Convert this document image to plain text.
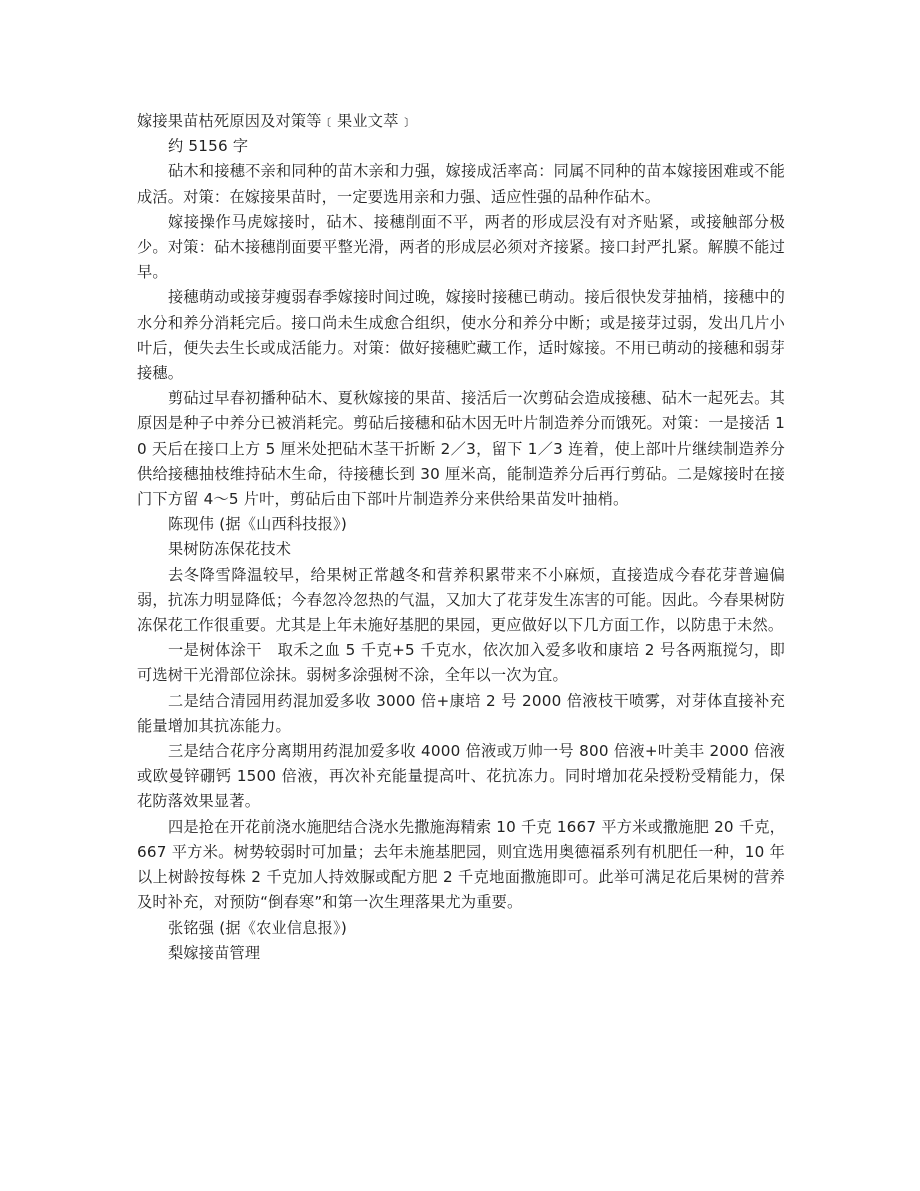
嫁接果苗枯死原因及对策等﹝果业文萃﹞

约 5156 字

砧木和接穗不亲和同种的苗木亲和力强，嫁接成活率高：同属不同种的苗本嫁接困难或不能成活。对策：在嫁接果苗时，一定要选用亲和力强、适应性强的品种作砧木。

嫁接操作马虎嫁接时，砧木、接穗削面不平，两者的形成层没有对齐贴紧，或接触部分极少。对策：砧木接穗削面要平整光滑，两者的形成层必须对齐接紧。接口封严扎紧。解膜不能过早。

接穗萌动或接芽瘦弱春季嫁接时间过晚，嫁接时接穗已萌动。接后很快发芽抽梢，接穗中的水分和养分消耗完后。接口尚未生成愈合组织，使水分和养分中断；或是接芽过弱，发出几片小叶后，便失去生长或成活能力。对策：做好接穗贮藏工作，适时嫁接。不用已萌动的接穗和弱芽接穗。

剪砧过早春初播种砧木、夏秋嫁接的果苗、接活后一次剪砧会造成接穗、砧木一起死去。其原因是种子中养分已被消耗完。剪砧后接穗和砧木因无叶片制造养分而饿死。对策：一是接活 10 天后在接口上方 5 厘米处把砧木茎干折断 2／3，留下 1／3 连着，使上部叶片继续制造养分供给接穗抽枝维持砧木生命，待接穗长到 30 厘米高，能制造养分后再行剪砧。二是嫁接时在接门下方留 4～5 片叶，剪砧后由下部叶片制造养分来供给果苗发叶抽梢。

陈现伟 (据《山西科技报》)

果树防冻保花技术

去冬降雪降温较早，给果树正常越冬和营养积累带来不小麻烦，直接造成今春花芽普遍偏弱，抗冻力明显降低；今春忽冷忽热的气温，又加大了花芽发生冻害的可能。因此。今春果树防冻保花工作很重要。尤其是上年未施好基肥的果园，更应做好以下几方面工作，以防患于未然。

一是树体涂干　取禾之血 5 千克+5 千克水，依次加入爱多收和康培 2 号各两瓶搅匀，即可选树干光滑部位涂抹。弱树多涂强树不涂，全年以一次为宜。

二是结合清园用药混加爱多收 3000 倍+康培 2 号 2000 倍液枝干喷雾，对芽体直接补充能量增加其抗冻能力。

三是结合花序分离期用药混加爱多收 4000 倍液或万帅一号 800 倍液+叶美丰 2000 倍液或欧曼锌硼钙 1500 倍液，再次补充能量提高叶、花抗冻力。同时增加花朵授粉受精能力，保花防落效果显著。

四是抢在开花前浇水施肥结合浇水先撒施海精索 10 千克 1667 平方米或撒施肥 20 千克，667 平方米。树势较弱时可加量；去年未施基肥园，则宜选用奥德福系列有机肥任一种，10 年以上树龄按每株 2 千克加人持效脲或配方肥 2 千克地面撒施即可。此举可满足花后果树的营养及时补充，对预防“倒春寒”和第一次生理落果尤为重要。

张铭强 (据《农业信息报》)

梨嫁接苗管理
